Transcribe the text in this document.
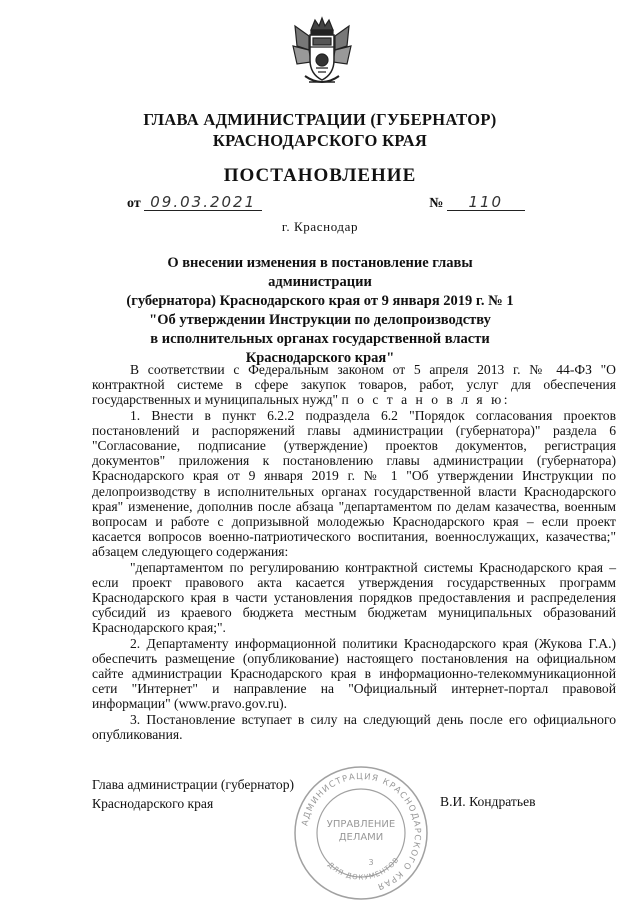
ГЛАВА АДМИНИСТРАЦИИ (ГУБЕРНАТОР)
КРАСНОДАРСКОГО КРАЯ
ПОСТАНОВЛЕНИЕ
от 09.03.2021	№ 110
г. Краснодар
О внесении изменения в постановление главы администрации
(губернатора) Краснодарского края от 9 января 2019 г. № 1
"Об утверждении Инструкции по делопроизводству
в исполнительных органах государственной власти
Краснодарского края"

В соответствии с Федеральным законом от 5 апреля 2013 г. № 44-ФЗ "О контрактной системе в сфере закупок товаров, работ, услуг для обеспечения государственных и муниципальных нужд" п о с т а н о в л я ю:

1. Внести в пункт 6.2.2 подраздела 6.2 "Порядок согласования проектов постановлений и распоряжений главы администрации (губернатора)" раздела 6 "Согласование, подписание (утверждение) проектов документов, регистрация документов" приложения к постановлению главы администрации (губернатора) Краснодарского края от 9 января 2019 г. № 1 "Об утверждении Инструкции по делопроизводству в исполнительных органах государственной власти Краснодарского края" изменение, дополнив после абзаца "департаментом по делам казачества, военным вопросам и работе с допризывной молодежью Краснодарского края – если проект касается вопросов военно-патриотического воспитания, военнослужащих, казачества;" абзацем следующего содержания:

"департаментом по регулированию контрактной системы Краснодарского края – если проект правового акта касается утверждения государственных программ Краснодарского края в части установления порядков предоставления и распределения субсидий из краевого бюджета местным бюджетам муниципальных образований Краснодарского края;".

2. Департаменту информационной политики Краснодарского края (Жукова Г.А.) обеспечить размещение (опубликование) настоящего постановления на официальном сайте администрации Краснодарского края в информационно-телекоммуникационной сети "Интернет" и направление на "Официальный интернет-портал правовой информации" (www.pravo.gov.ru).

3. Постановление вступает в силу на следующий день после его официального опубликования.

Глава администрации (губернатор)
Краснодарского края	В.И. Кондратьев
АДМИНИСТРАЦИЯ КРАСНОДАРСКОГО КРАЯ
УПРАВЛЕНИЕ
ДЕЛАМИ
3
ДЛЯ ДОКУМЕНТОВ
